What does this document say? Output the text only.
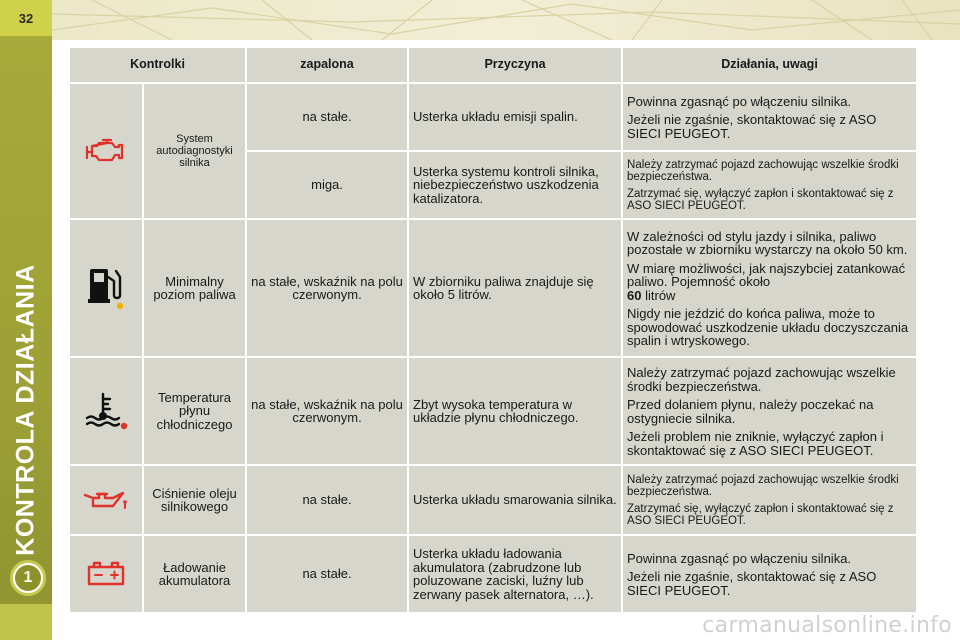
32
KONTROLA DZIAŁANIA
1
Kontrolki		zapalona	Przyczyna	Działania, uwagi
	System autodiagnostyki silnika	na stałe.	Usterka układu emisji spalin.	Powinna zgasnąć po włączeniu silnika.
Jeżeli nie zgaśnie, skontaktować się z ASO SIECI PEUGEOT.

		miga.	Usterka systemu kontroli silnika, niebezpieczeństwo uszkodzenia katalizatora.	Należy zatrzymać pojazd zachowując wszelkie środki bezpieczeństwa.
Zatrzymać się, wyłączyć zapłon i skontaktować się z ASO SIECI PEUGEOT.

	Minimalny poziom paliwa	na stałe, wskaźnik na polu czerwonym.	W zbiorniku paliwa znajduje się około 5 litrów.	W zależności od stylu jazdy i silnika, paliwo pozostałe w zbiorniku wystarczy na około 50 km.
W miarę możliwości, jak najszybciej zatankować paliwo. Pojemność około
60 litrów
Nigdy nie jeździć do końca paliwa, może to spowodować uszkodzenie układu doczyszczania spalin i wtryskowego.

	Temperatura płynu chłodniczego	na stałe, wskaźnik na polu czerwonym.	Zbyt wysoka temperatura w układzie płynu chłodniczego.	Należy zatrzymać pojazd zachowując wszelkie środki bezpieczeństwa.
Przed dolaniem płynu, należy poczekać na ostygniecie silnika.
Jeżeli problem nie zniknie, wyłączyć zapłon i skontaktować się z ASO SIECI PEUGEOT.

	Ciśnienie oleju silnikowego	na stałe.	Usterka układu smarowania silnika.	Należy zatrzymać pojazd zachowując wszelkie środki bezpieczeństwa.
Zatrzymać się, wyłączyć zapłon i skontaktować się z ASO SIECI PEUGEOT.

	Ładowanie akumulatora	na stałe.	Usterka układu ładowania akumulatora (zabrudzone lub poluzowane zaciski, luźny lub zerwany pasek alternatora, …).	Powinna zgasnąć po włączeniu silnika.
Jeżeli nie zgaśnie, skontaktować się z ASO SIECI PEUGEOT.
carmanualsonline.info
